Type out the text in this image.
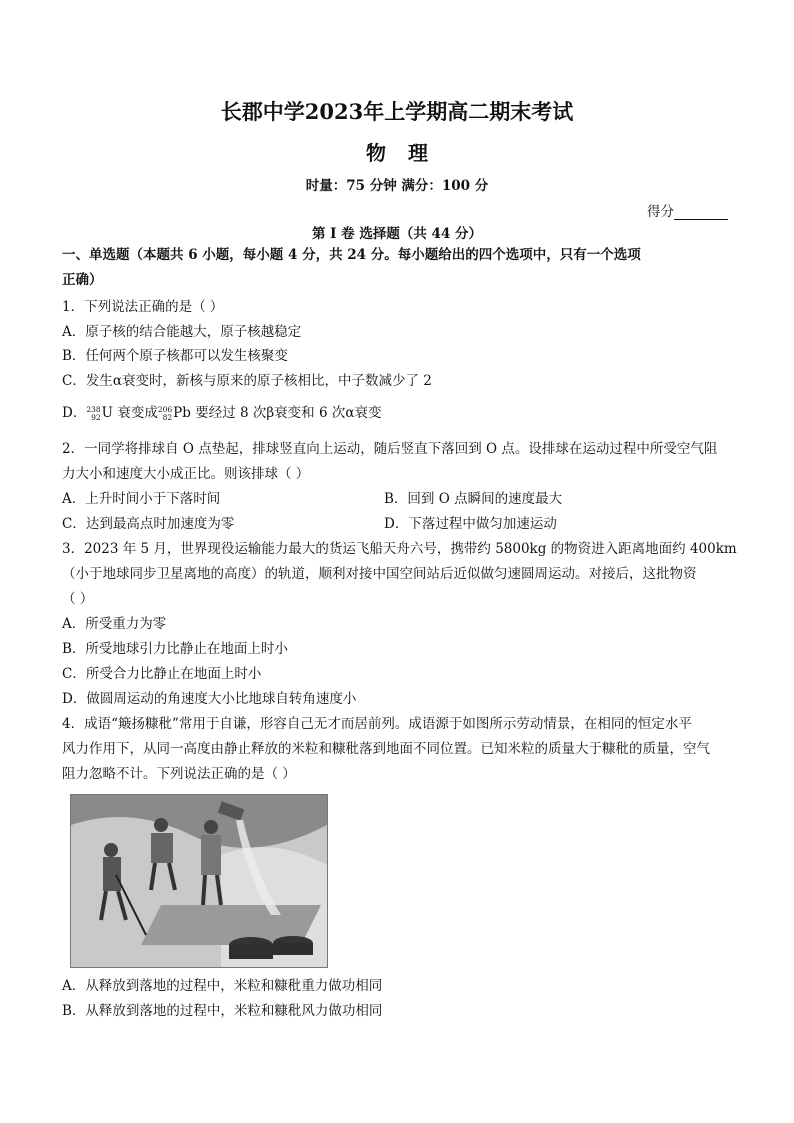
长郡中学2023年上学期高二期末考试
物理
时量：75 分钟 满分：100 分
得分
第 I 卷 选择题（共 44 分）
一、单选题（本题共 6 小题，每小题 4 分，共 24 分。每小题给出的四个选项中，只有一个选项
正确）
1．下列说法正确的是（ ）
A．原子核的结合能越大，原子核越稳定
B．任何两个原子核都可以发生核聚变
C．发生α衰变时，新核与原来的原子核相比，中子数减少了 2
D． 238
92 U 衰变成 206
82 Pb 要经过 8 次β衰变和 6 次α衰变
2．一同学将排球自 O 点垫起，排球竖直向上运动，随后竖直下落回到 O 点。设排球在运动过程中所受空气阻
力大小和速度大小成正比。则该排球（ ）
A．上升时间小于下落时间	B．回到 O 点瞬间的速度最大
C．达到最高点时加速度为零	D．下落过程中做匀加速运动
3．2023 年 5 月，世界现役运输能力最大的货运飞船天舟六号，携带约 5800kg 的物资进入距离地面约 400km
（小于地球同步卫星离地的高度）的轨道，顺利对接中国空间站后近似做匀速圆周运动。对接后，这批物资
（ ）
A．所受重力为零
B．所受地球引力比静止在地面上时小
C．所受合力比静止在地面上时小
D．做圆周运动的角速度大小比地球自转角速度小
4．成语“簸扬糠秕”常用于自谦，形容自己无才而居前列。成语源于如图所示劳动情景，在相同的恒定水平
风力作用下，从同一高度由静止释放的米粒和糠秕落到地面不同位置。已知米粒的质量大于糠秕的质量，空气
阻力忽略不计。下列说法正确的是（ ）
A．从释放到落地的过程中，米粒和糠秕重力做功相同
B．从释放到落地的过程中，米粒和糠秕风力做功相同
